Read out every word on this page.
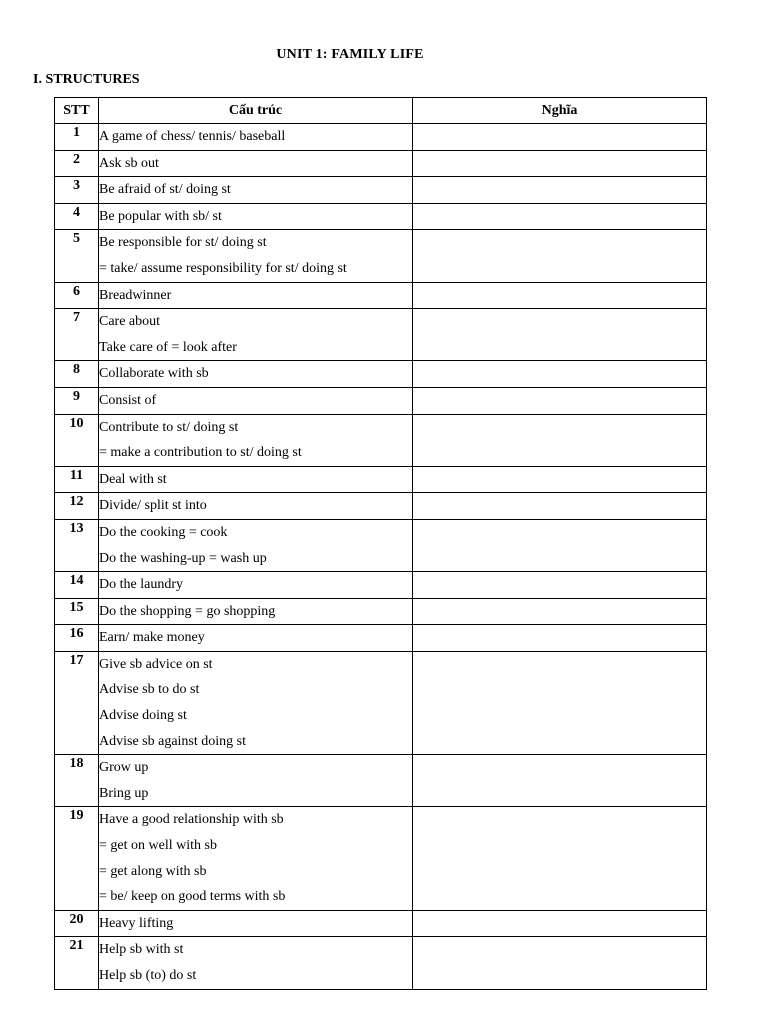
UNIT 1: FAMILY LIFE
I. STRUCTURES
STT	Cấu trúc	Nghĩa
1	A game of chess/ tennis/ baseball	

2	Ask sb out	

3	Be afraid of st/ doing st	

4	Be popular with sb/ st	

5	Be responsible for st/ doing st
= take/ assume responsibility for st/ doing st	

6	Breadwinner	

7	Care about
Take care of = look after	

8	Collaborate with sb	

9	Consist of	

10	Contribute to st/ doing st
= make a contribution to st/ doing st	

11	Deal with st	

12	Divide/ split st into	

13	Do the cooking = cook
Do the washing-up = wash up	

14	Do the laundry	

15	Do the shopping = go shopping	

16	Earn/ make money	

17	Give sb advice on st
Advise sb to do st
Advise doing st
Advise sb against doing st	

18	Grow up
Bring up	

19	Have a good relationship with sb
= get on well with sb
= get along with sb
= be/ keep on good terms with sb	

20	Heavy lifting	

21	Help sb with st
Help sb (to) do st	
